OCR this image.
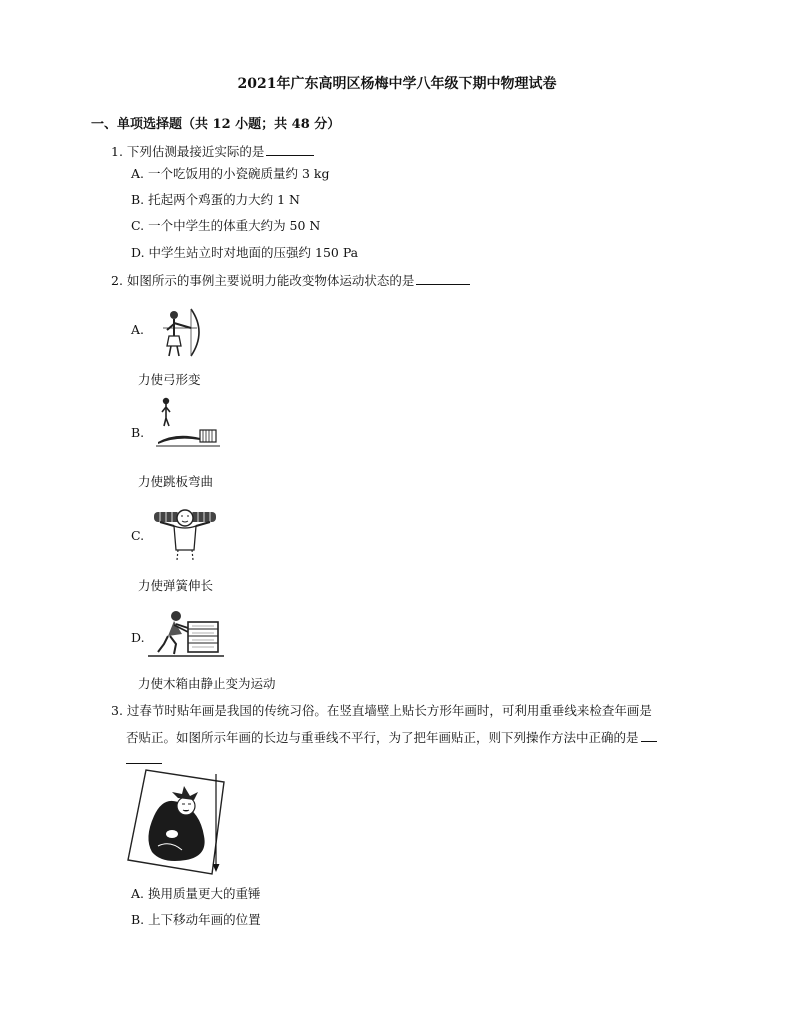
2021年广东高明区杨梅中学八年级下期中物理试卷
一、单项选择题（共 12 小题；共 48 分）
1. 下列估测最接近实际的是
A. 一个吃饭用的小瓷碗质量约 3 kg
B. 托起两个鸡蛋的力大约 1 N
C. 一个中学生的体重大约为 50 N
D. 中学生站立时对地面的压强约 150 Pa
2. 如图所示的事例主要说明力能改变物体运动状态的是
A.
力使弓形变
B.
力使跳板弯曲
C.
力使弹簧伸长
D.
力使木箱由静止变为运动
3. 过春节时贴年画是我国的传统习俗。在竖直墙壁上贴长方形年画时，可利用重垂线来检查年画是
否贴正。如图所示年画的长边与重垂线不平行，为了把年画贴正，则下列操作方法中正确的是
A. 换用质量更大的重锤
B. 上下移动年画的位置
